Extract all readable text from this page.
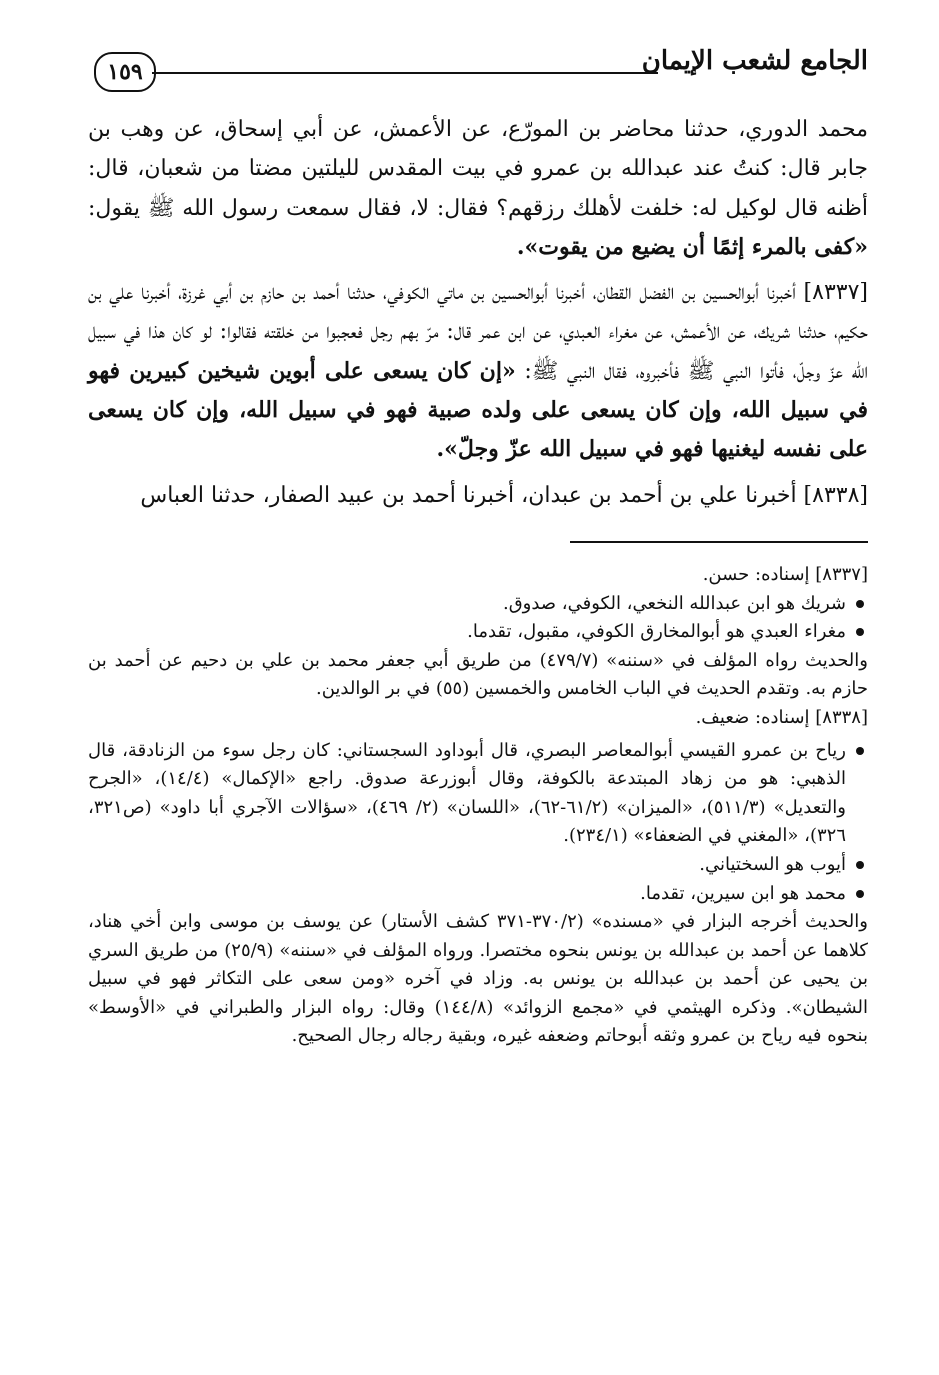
الجامع لشعب الإيمان
١٥٩

محمد الدوري، حدثنا محاضر بن المورّع، عن الأعمش، عن أبي إسحاق، عن وهب بن جابر قال: كنتُ عند عبدالله بن عمرو في بيت المقدس لليلتين مضتا من شعبان، قال: أظنه قال لوكيل له: خلفت لأهلك رزقهم؟ فقال: لا، فقال سمعت رسول الله ﷺ يقول: «كفى بالمرء إثمًا أن يضيع من يقوت».

[٨٣٣٧] أخبرنا أبوالحسين بن الفضل القطان، أخبرنا أبوالحسين بن ماتي الكوفي، حدثنا أحمد بن حازم بن أبي غرزة، أخبرنا علي بن حكيم، حدثنا شريك، عن الأعمش، عن مغراء العبدي، عن ابن عمر قال: مرّ بهم رجل فعجبوا من خلقته فقالوا: لو كان هذا في سبيل الله عزّ وجلّ، فأتوا النبي ﷺ فأخبروه، فقال النبي ﷺ: «إن كان يسعى على أبوين شيخين كبيرين فهو في سبيل الله، وإن كان يسعى على ولده صبية فهو في سبيل الله، وإن كان يسعى على نفسه ليغنيها فهو في سبيل الله عزّ وجلّ».

[٨٣٣٨] أخبرنا علي بن أحمد بن عبدان، أخبرنا أحمد بن عبيد الصفار، حدثنا العباس

[٨٣٣٧] إسناده: حسن.

شريك هو ابن عبدالله النخعي، الكوفي، صدوق.
مغراء العبدي هو أبوالمخارق الكوفي، مقبول، تقدما.

والحديث رواه المؤلف في «سننه» (٤٧٩/٧) من طريق أبي جعفر محمد بن علي بن دحيم عن أحمد بن حازم به. وتقدم الحديث في الباب الخامس والخمسين (٥٥) في بر الوالدين.

[٨٣٣٨] إسناده: ضعيف.

رياح بن عمرو القيسي أبوالمعاصر البصري، قال أبوداود السجستاني: كان رجل سوء من الزنادقة، قال الذهبي: هو من زهاد المبتدعة بالكوفة، وقال أبوزرعة صدوق. راجع «الإكمال» (١٤/٤)، «الجرح والتعديل» (٥١١/٣)، «الميزان» (٦١/٢-٦٢)، «اللسان» (٢/ ٤٦٩)، «سؤالات الآجري أبا داود» (ص٣٢١، ٣٢٦)، «المغني في الضعفاء» (٢٣٤/١).
أيوب هو السختياني.
محمد هو ابن سيرين، تقدما.

والحديث أخرجه البزار في «مسنده» (٣٧٠/٢-٣٧١ كشف الأستار) عن يوسف بن موسى وابن أخي هناد، كلاهما عن أحمد بن عبدالله بن يونس بنحوه مختصرا. ورواه المؤلف في «سننه» (٢٥/٩) من طريق السري بن يحيى عن أحمد بن عبدالله بن يونس به. وزاد في آخره «ومن سعى على التكاثر فهو في سبيل الشيطان». وذكره الهيثمي في «مجمع الزوائد» (١٤٤/٨) وقال: رواه البزار والطبراني في «الأوسط» بنحوه فيه رياح بن عمرو وثقه أبوحاتم وضعفه غيره، وبقية رجاله رجال الصحيح.
